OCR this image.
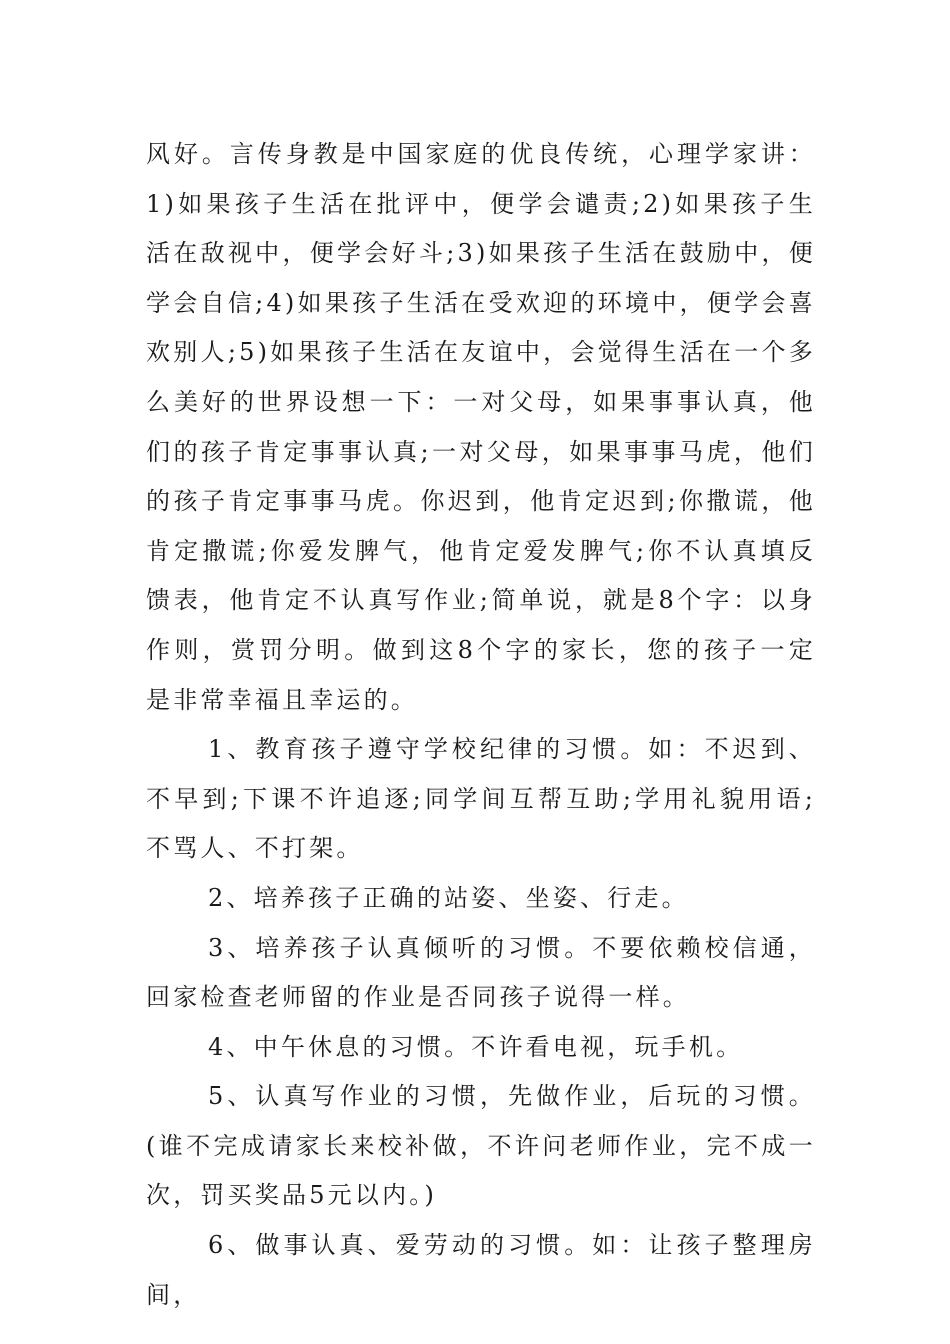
风好。言传身教是中国家庭的优良传统，心理学家讲：1)如果孩子生活在批评中，便学会谴责;2)如果孩子生活在敌视中，便学会好斗;3)如果孩子生活在鼓励中，便学会自信;4)如果孩子生活在受欢迎的环境中，便学会喜欢别人;5)如果孩子生活在友谊中，会觉得生活在一个多么美好的世界设想一下：一对父母，如果事事认真，他们的孩子肯定事事认真;一对父母，如果事事马虎，他们的孩子肯定事事马虎。你迟到，他肯定迟到;你撒谎，他肯定撒谎;你爱发脾气，他肯定爱发脾气;你不认真填反馈表，他肯定不认真写作业;简单说，就是8个字：以身作则，赏罚分明。做到这8个字的家长，您的孩子一定是非常幸福且幸运的。

1、教育孩子遵守学校纪律的习惯。如：不迟到、不早到;下课不许追逐;同学间互帮互助;学用礼貌用语;不骂人、不打架。

2、培养孩子正确的站姿、坐姿、行走。

3、培养孩子认真倾听的习惯。不要依赖校信通，回家检查老师留的作业是否同孩子说得一样。

4、中午休息的习惯。不许看电视，玩手机。

5、认真写作业的习惯，先做作业，后玩的习惯。(谁不完成请家长来校补做，不许问老师作业，完不成一次，罚买奖品5元以内。)

6、做事认真、爱劳动的习惯。如：让孩子整理房间，
